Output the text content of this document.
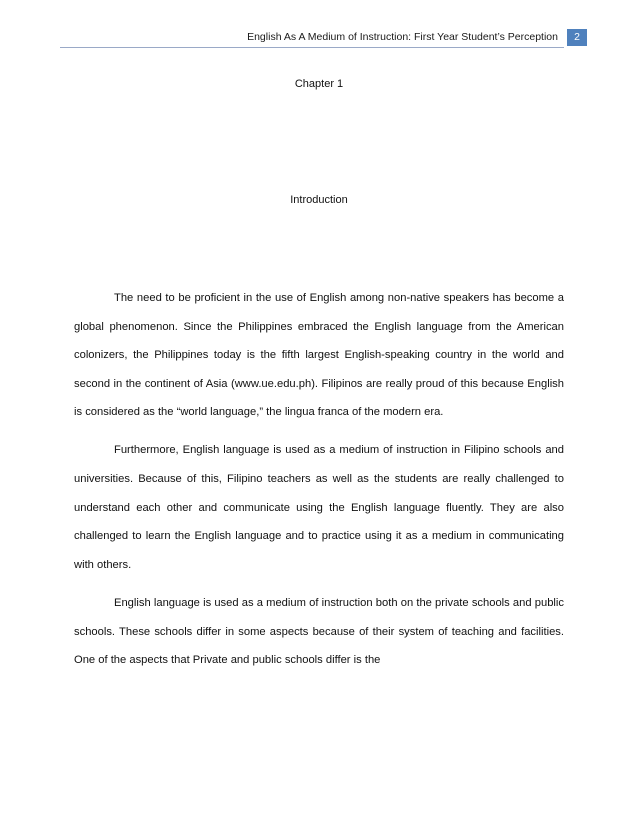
English As A Medium of Instruction: First Year Student’s Perception	2
Chapter 1
Introduction

The need to be proficient in the use of English among non-native speakers has become a global phenomenon. Since the Philippines embraced the English language from the American colonizers, the Philippines today is the fifth largest English-speaking country in the world and second in the continent of Asia (www.ue.edu.ph). Filipinos are really proud of this because English is considered as the “world language,” the lingua franca of the modern era.

Furthermore, English language is used as a medium of instruction in Filipino schools and universities. Because of this, Filipino teachers as well as the students are really challenged to understand each other and communicate using the English language fluently. They are also challenged to learn the English language and to practice using it as a medium in communicating with others.

English language is used as a medium of instruction both on the private schools and public schools. These schools differ in some aspects because of their system of teaching and facilities. One of the aspects that Private and public schools differ is the
